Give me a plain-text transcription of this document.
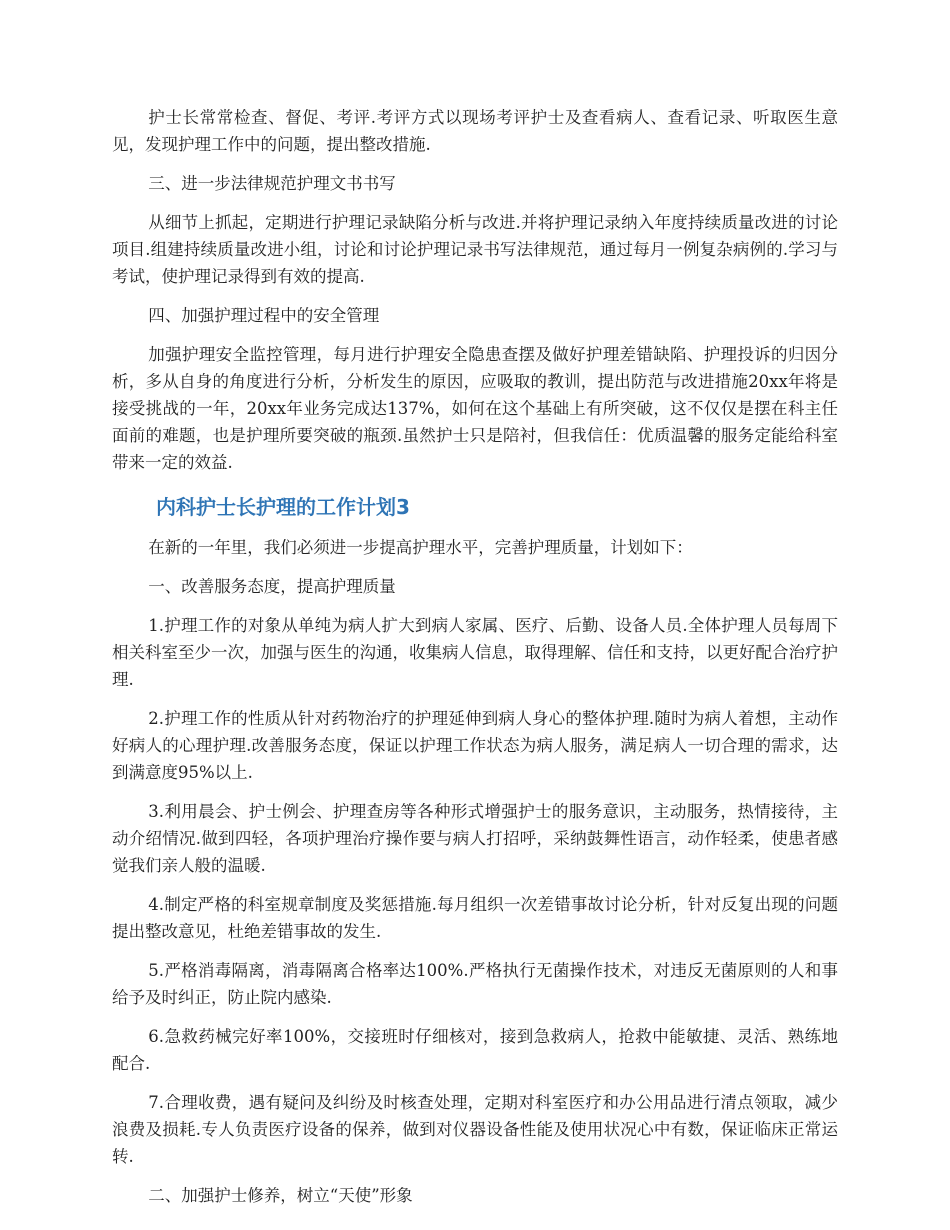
护士长常常检查、督促、考评.考评方式以现场考评护士及查看病人、查看记录、听取医生意见，发现护理工作中的问题，提出整改措施.

三、进一步法律规范护理文书书写

从细节上抓起，定期进行护理记录缺陷分析与改进.并将护理记录纳入年度持续质量改进的讨论项目.组建持续质量改进小组，讨论和讨论护理记录书写法律规范，通过每月一例复杂病例的.学习与考试，使护理记录得到有效的提高.

四、加强护理过程中的安全管理

加强护理安全监控管理，每月进行护理安全隐患查摆及做好护理差错缺陷、护理投诉的归因分析，多从自身的角度进行分析，分析发生的原因，应吸取的教训，提出防范与改进措施20xx年将是接受挑战的一年，20xx年业务完成达137%，如何在这个基础上有所突破，这不仅仅是摆在科主任面前的难题，也是护理所要突破的瓶颈.虽然护士只是陪衬，但我信任：优质温馨的服务定能给科室带来一定的效益.

内科护士长护理的工作计划3

在新的一年里，我们必须进一步提高护理水平，完善护理质量，计划如下：

一、改善服务态度，提高护理质量

1.护理工作的对象从单纯为病人扩大到病人家属、医疗、后勤、设备人员.全体护理人员每周下相关科室至少一次，加强与医生的沟通，收集病人信息，取得理解、信任和支持，以更好配合治疗护理.

2.护理工作的性质从针对药物治疗的护理延伸到病人身心的整体护理.随时为病人着想，主动作好病人的心理护理.改善服务态度，保证以护理工作状态为病人服务，满足病人一切合理的需求，达到满意度95%以上.

3.利用晨会、护士例会、护理查房等各种形式增强护士的服务意识，主动服务，热情接待，主动介绍情况.做到四轻，各项护理治疗操作要与病人打招呼，采纳鼓舞性语言，动作轻柔，使患者感觉我们亲人般的温暖.

4.制定严格的科室规章制度及奖惩措施.每月组织一次差错事故讨论分析，针对反复出现的问题提出整改意见，杜绝差错事故的发生.

5.严格消毒隔离，消毒隔离合格率达100%.严格执行无菌操作技术，对违反无菌原则的人和事给予及时纠正，防止院内感染.

6.急救药械完好率100%，交接班时仔细核对，接到急救病人，抢救中能敏捷、灵活、熟练地配合.

7.合理收费，遇有疑问及纠纷及时核查处理，定期对科室医疗和办公用品进行清点领取，减少浪费及损耗.专人负责医疗设备的保养，做到对仪器设备性能及使用状况心中有数，保证临床正常运转.

二、加强护士修养，树立“天使”形象
